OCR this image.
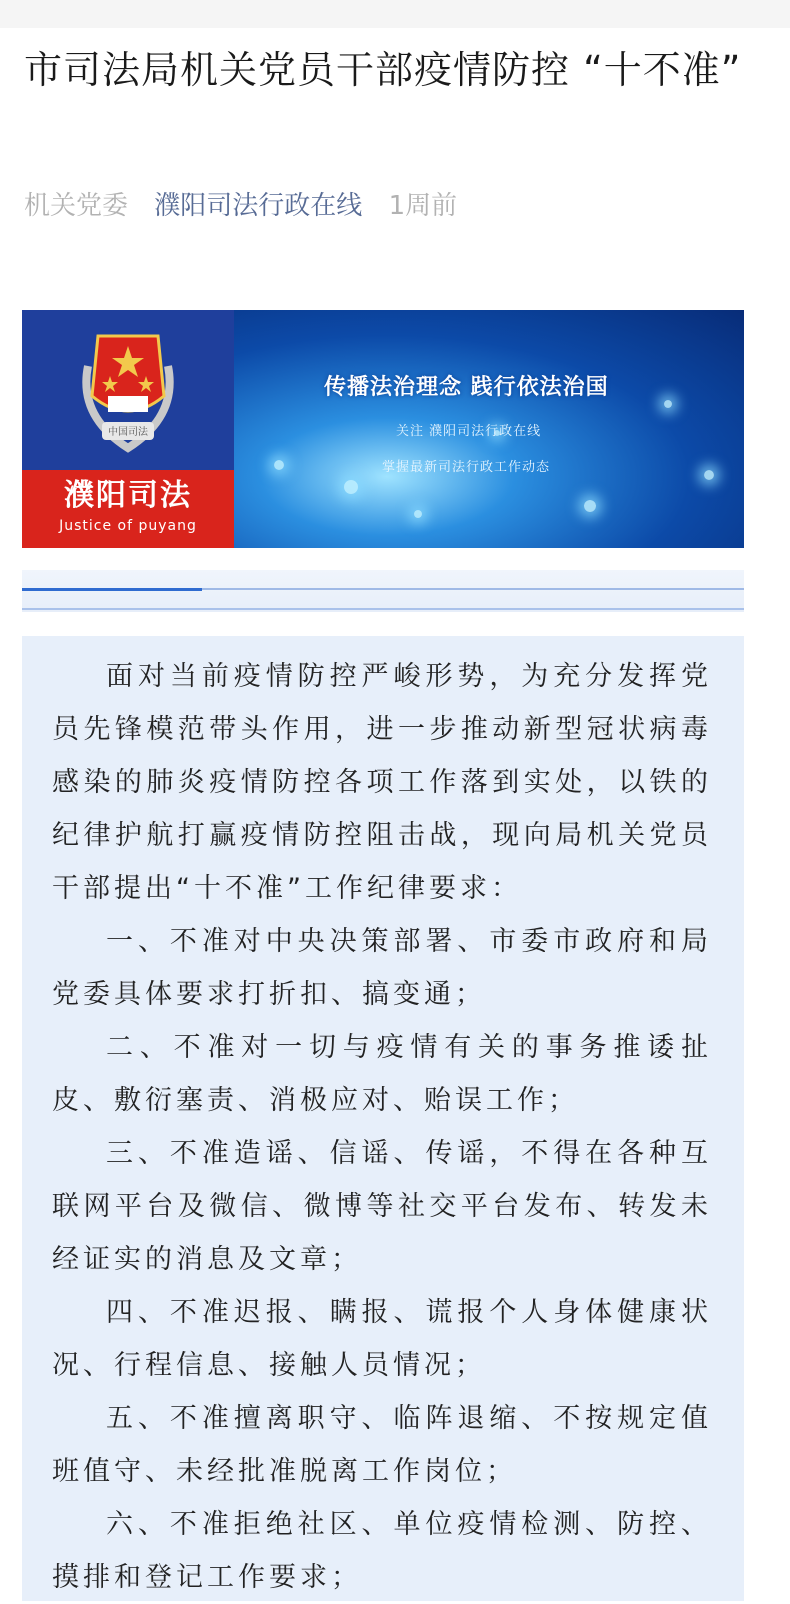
市司法局机关党员干部疫情防控 “十不准”
机关党委 濮阳司法行政在线 1周前
中国司法
濮阳司法
Justice of puyang
传播法治理念 践行依法治国
关注 濮阳司法行政在线
掌握最新司法行政工作动态

面对当前疫情防控严峻形势，为充分发挥党员先锋模范带头作用，进一步推动新型冠状病毒感染的肺炎疫情防控各项工作落到实处，以铁的纪律护航打赢疫情防控阻击战，现向局机关党员干部提出“十不准”工作纪律要求：

一、不准对中央决策部署、市委市政府和局党委具体要求打折扣、搞变通；

二、不准对一切与疫情有关的事务推诿扯皮、敷衍塞责、消极应对、贻误工作；

三、不准造谣、信谣、传谣，不得在各种互联网平台及微信、微博等社交平台发布、转发未经证实的消息及文章；

四、不准迟报、瞒报、谎报个人身体健康状况、行程信息、接触人员情况；

五、不准擅离职守、临阵退缩、不按规定值班值守、未经批准脱离工作岗位；

六、不准拒绝社区、单位疫情检测、防控、摸排和登记工作要求；
